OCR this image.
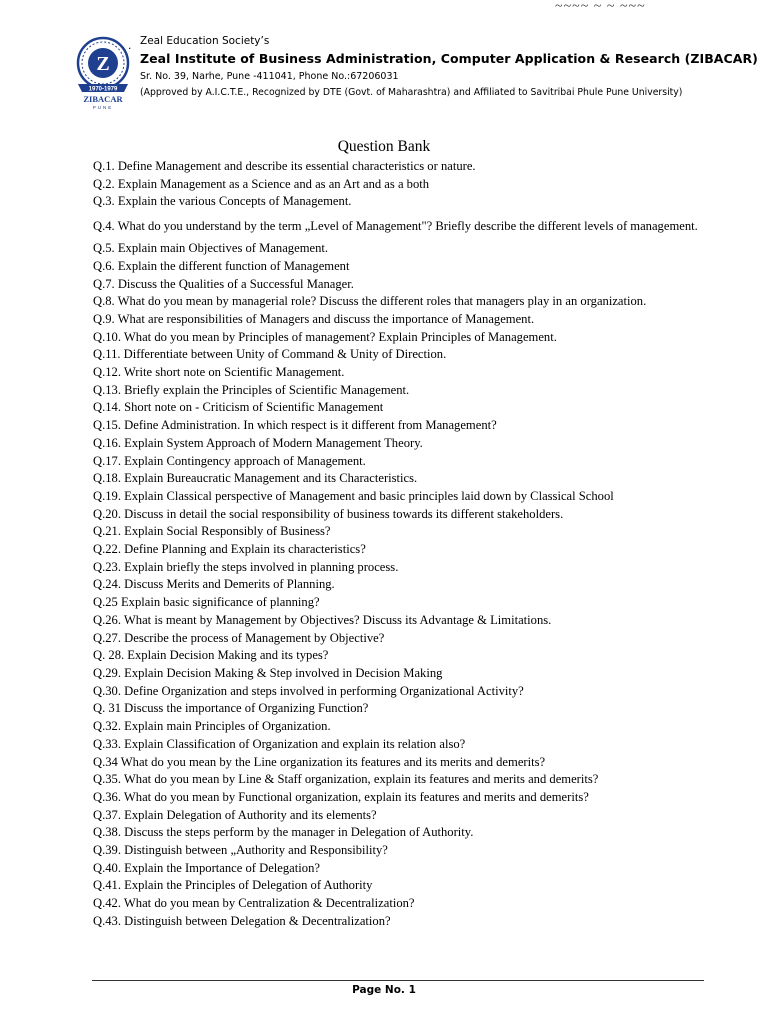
~~~~ ~ ~ ~~~
Z
1970-1979
ZIBACAR
PUNE
. Zeal Education Society’s
Zeal Institute of Business Administration, Computer Application & Research (ZIBACAR)
Sr. No. 39, Narhe, Pune -411041, Phone No.:67206031
(Approved by A.I.C.T.E., Recognized by DTE (Govt. of Maharashtra) and Affiliated to Savitribai Phule Pune University)
Question Bank
Q.1. Define Management and describe its essential characteristics or nature.
Q.2. Explain Management as a Science and as an Art and as a both
Q.3. Explain the various Concepts of Management.
Q.4. What do you understand by the term „Level of Management"? Briefly describe the different levels of management.
Q.5. Explain main Objectives of Management.
Q.6. Explain the different function of Management
Q.7. Discuss the Qualities of a Successful Manager.
Q.8. What do you mean by managerial role? Discuss the different roles that managers play in an organization.
Q.9. What are responsibilities of Managers and discuss the importance of Management.
Q.10. What do you mean by Principles of management? Explain Principles of Management.
Q.11. Differentiate between Unity of Command & Unity of Direction.
Q.12. Write short note on Scientific Management.
Q.13. Briefly explain the Principles of Scientific Management.
Q.14. Short note on - Criticism of Scientific Management
Q.15. Define Administration. In which respect is it different from Management?
Q.16. Explain System Approach of Modern Management Theory.
Q.17. Explain Contingency approach of Management.
Q.18. Explain Bureaucratic Management and its Characteristics.
Q.19. Explain Classical perspective of Management and basic principles laid down by Classical School
Q.20. Discuss in detail the social responsibility of business towards its different stakeholders.
Q.21. Explain Social Responsibly of Business?
Q.22. Define Planning and Explain its characteristics?
Q.23. Explain briefly the steps involved in planning process.
Q.24. Discuss Merits and Demerits of Planning.
Q.25 Explain basic significance of planning?
Q.26. What is meant by Management by Objectives? Discuss its Advantage & Limitations.
Q.27. Describe the process of Management by Objective?
Q. 28. Explain Decision Making and its types?
Q.29. Explain Decision Making & Step involved in Decision Making
Q.30. Define Organization and steps involved in performing Organizational Activity?
Q. 31 Discuss the importance of Organizing Function?
Q.32. Explain main Principles of Organization.
Q.33. Explain Classification of Organization and explain its relation also?
Q.34 What do you mean by the Line organization its features and its merits and demerits?
Q.35. What do you mean by Line & Staff organization, explain its features and merits and demerits?
Q.36. What do you mean by Functional organization, explain its features and merits and demerits?
Q.37. Explain Delegation of Authority and its elements?
Q.38. Discuss the steps perform by the manager in Delegation of Authority.
Q.39. Distinguish between „Authority and Responsibility?
Q.40. Explain the Importance of Delegation?
Q.41. Explain the Principles of Delegation of Authority
Q.42. What do you mean by Centralization & Decentralization?
Q.43. Distinguish between Delegation & Decentralization?
Page No. 1
